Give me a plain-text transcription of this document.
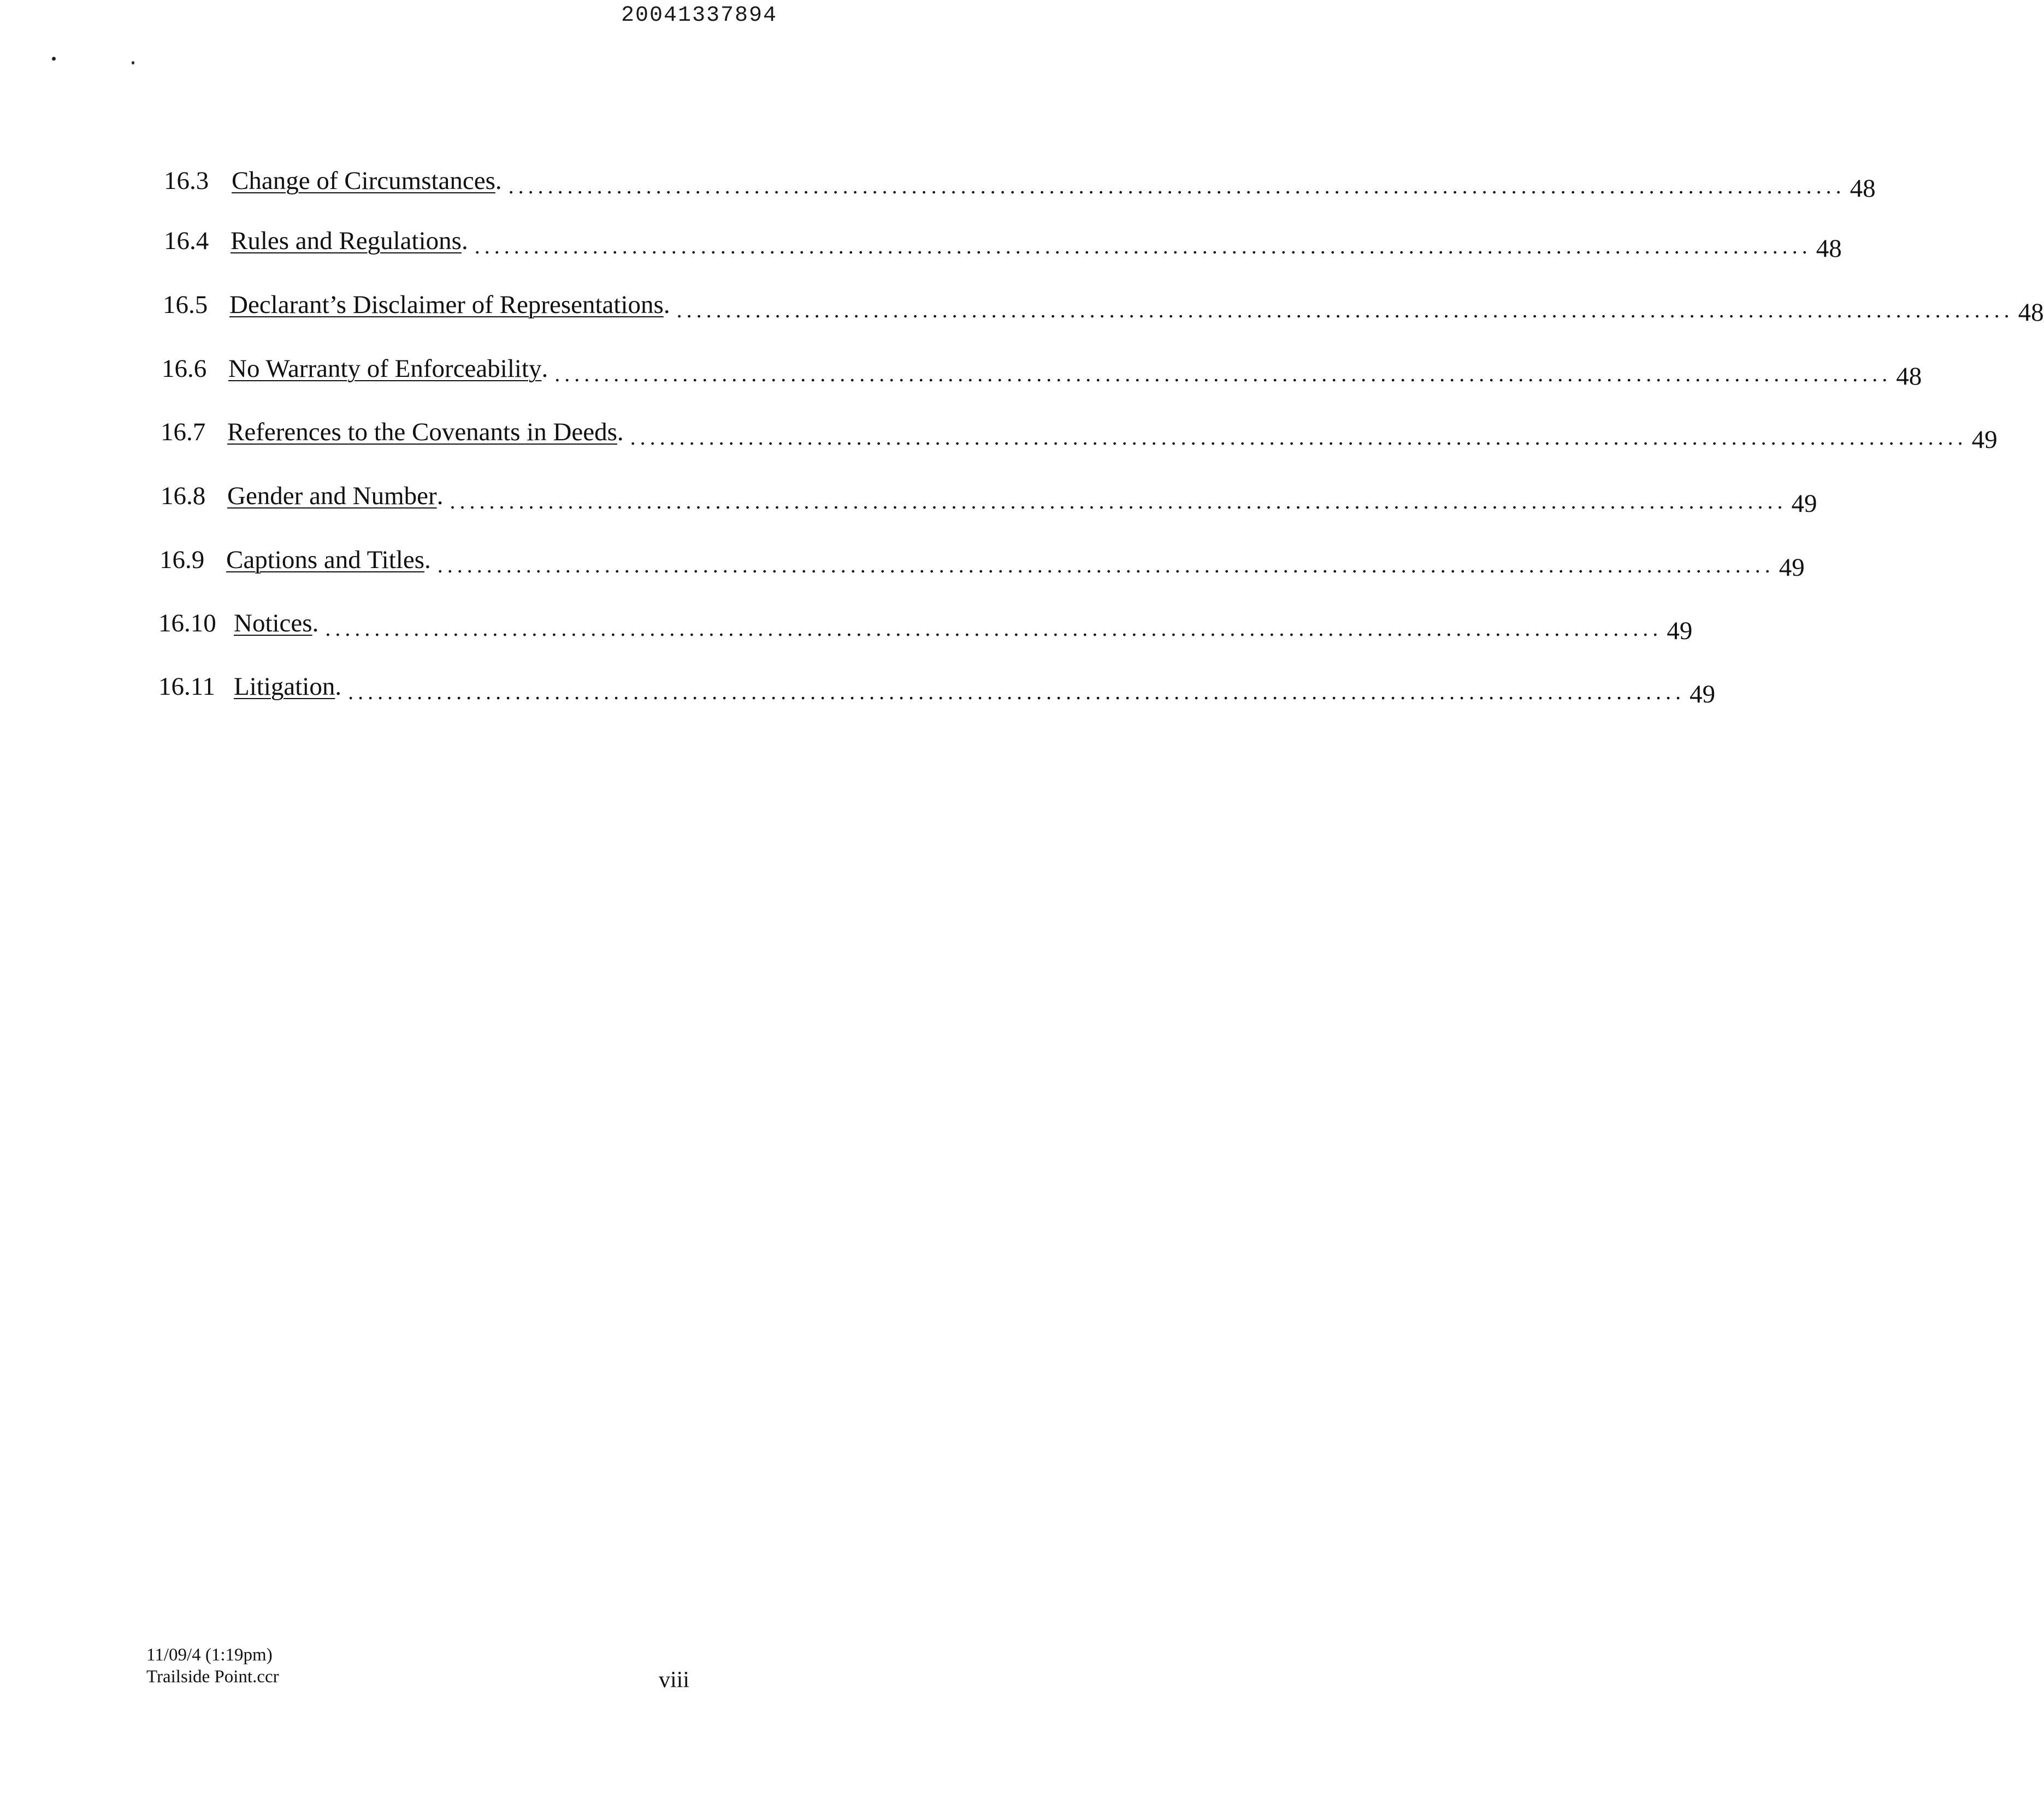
20041337894
16.3 Change of Circumstances . ........................................................................................................................................ 48
16.4 Rules and Regulations . ........................................................................................................................................ 48
16.5 Declarant’s Disclaimer of Representations . ........................................................................................................................................ 48
16.6 No Warranty of Enforceability . ........................................................................................................................................ 48
16.7 References to the Covenants in Deeds . ........................................................................................................................................ 49
16.8 Gender and Number . ........................................................................................................................................ 49
16.9 Captions and Titles . ........................................................................................................................................ 49
16.10 Notices . ........................................................................................................................................ 49
16.11 Litigation . ........................................................................................................................................ 49
11/09/4 (1:19pm)
Trailside Point.ccr	viii
